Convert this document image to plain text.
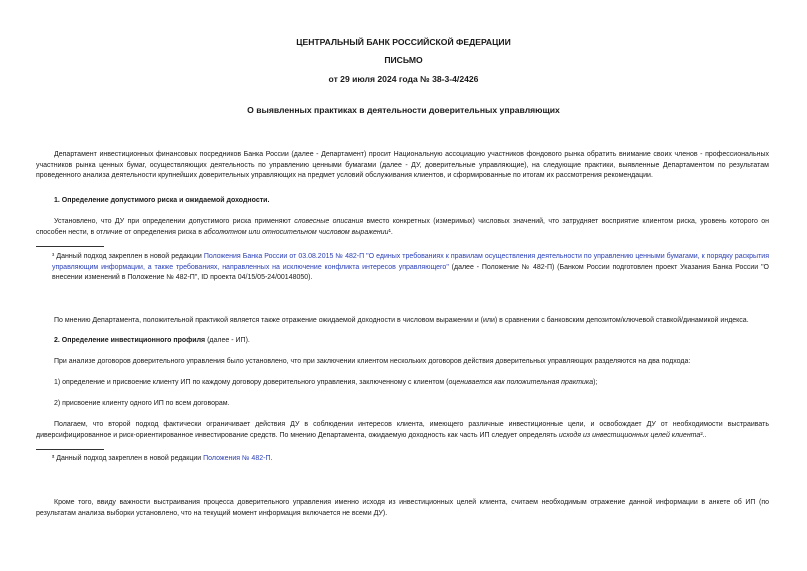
ЦЕНТРАЛЬНЫЙ БАНК РОССИЙСКОЙ ФЕДЕРАЦИИ
ПИСЬМО
от 29 июля 2024 года № 38-3-4/2426
О выявленных практиках в деятельности доверительных управляющих
Департамент инвестиционных финансовых посредников Банка России (далее - Департамент) просит Национальную ассоциацию участников фондового рынка обратить внимание своих членов - профессиональных участников рынка ценных бумаг, осуществляющих деятельность по управлению ценными бумагами (далее - ДУ, доверительные управляющие), на следующие практики, выявленные Департаментом по результатам проведенного анализа деятельности крупнейших доверительных управляющих на предмет условий обслуживания клиентов, и сформированные по итогам их рассмотрения рекомендации.
1. Определение допустимого риска и ожидаемой доходности.
Установлено, что ДУ при определении допустимого риска применяют словесные описания вместо конкретных (измеримых) числовых значений, что затрудняет восприятие клиентом риска, уровень которого он способен нести, в отличие от определения риска в абсолютном или относительном числовом выражении¹.
¹ Данный подход закреплен в новой редакции Положения Банка России от 03.08.2015 № 482-П "О единых требованиях к правилам осуществления деятельности по управлению ценными бумагами, к порядку раскрытия управляющим информации, а также требованиях, направленных на исключение конфликта интересов управляющего" (далее - Положение № 482-П) (Банком России подготовлен проект Указания Банка России "О внесении изменений в Положение № 482-П", ID проекта 04/15/05-24/00148050).
По мнению Департамента, положительной практикой является также отражение ожидаемой доходности в числовом выражении и (или) в сравнении с банковским депозитом/ключевой ставкой/динамикой индекса.
2. Определение инвестиционного профиля (далее - ИП).
При анализе договоров доверительного управления было установлено, что при заключении клиентом нескольких договоров действия доверительных управляющих разделяются на два подхода:
1) определение и присвоение клиенту ИП по каждому договору доверительного управления, заключенному с клиентом (оценивается как положительная практика);
2) присвоение клиенту одного ИП по всем договорам.
Полагаем, что второй подход фактически ограничивает действия ДУ в соблюдении интересов клиента, имеющего различные инвестиционные цели, и освобождает ДУ от необходимости выстраивать диверсифицированное и риск-ориентированное инвестирование средств. По мнению Департамента, ожидаемую доходность как часть ИП следует определять исходя из инвестиционных целей клиента²..
² Данный подход закреплен в новой редакции Положения № 482-П.
Кроме того, ввиду важности выстраивания процесса доверительного управления именно исходя из инвестиционных целей клиента, считаем необходимым отражение данной информации в анкете об ИП (по результатам анализа выборки установлено, что на текущий момент информация включается не всеми ДУ).
